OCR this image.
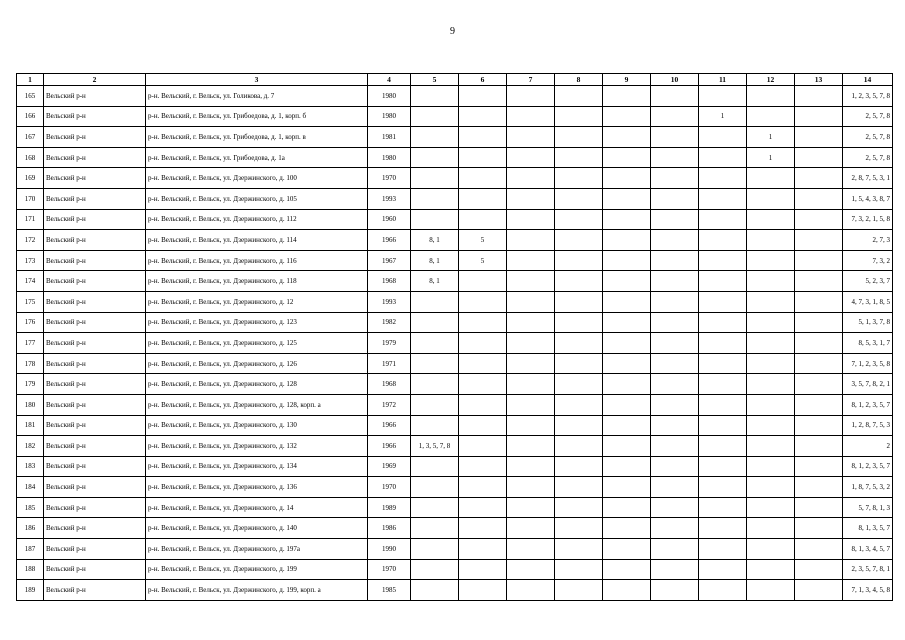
9
1	2	3	4	5	6	7	8	9	10	11	12	13	14
165	Вельский р-н	р-н. Вельский, г. Вельск, ул. Голикова, д. 7	1980										1, 2, 3, 5, 7, 8
166	Вельский р-н	р-н. Вельский, г. Вельск, ул. Грибоедова, д. 1, корп. б	1980							1			2, 5, 7, 8
167	Вельский р-н	р-н. Вельский, г. Вельск, ул. Грибоедова, д. 1, корп. в	1981								1		2, 5, 7, 8
168	Вельский р-н	р-н. Вельский, г. Вельск, ул. Грибоедова, д. 1а	1980								1		2, 5, 7, 8
169	Вельский р-н	р-н. Вельский, г. Вельск, ул. Дзержинского, д. 100	1970										2, 8, 7, 5, 3, 1
170	Вельский р-н	р-н. Вельский, г. Вельск, ул. Дзержинского, д. 105	1993										1, 5, 4, 3, 8, 7
171	Вельский р-н	р-н. Вельский, г. Вельск, ул. Дзержинского, д. 112	1960										7, 3, 2, 1, 5, 8
172	Вельский р-н	р-н. Вельский, г. Вельск, ул. Дзержинского, д. 114	1966	8, 1	5								2, 7, 3
173	Вельский р-н	р-н. Вельский, г. Вельск, ул. Дзержинского, д. 116	1967	8, 1	5								7, 3, 2
174	Вельский р-н	р-н. Вельский, г. Вельск, ул. Дзержинского, д. 118	1968	8, 1									5, 2, 3, 7
175	Вельский р-н	р-н. Вельский, г. Вельск, ул. Дзержинского, д. 12	1993										4, 7, 3, 1, 8, 5
176	Вельский р-н	р-н. Вельский, г. Вельск, ул. Дзержинского, д. 123	1982										5, 1, 3, 7, 8
177	Вельский р-н	р-н. Вельский, г. Вельск, ул. Дзержинского, д. 125	1979										8, 5, 3, 1, 7
178	Вельский р-н	р-н. Вельский, г. Вельск, ул. Дзержинского, д. 126	1971										7, 1, 2, 3, 5, 8
179	Вельский р-н	р-н. Вельский, г. Вельск, ул. Дзержинского, д. 128	1968										3, 5, 7, 8, 2, 1
180	Вельский р-н	р-н. Вельский, г. Вельск, ул. Дзержинского, д. 128, корп. а	1972										8, 1, 2, 3, 5, 7
181	Вельский р-н	р-н. Вельский, г. Вельск, ул. Дзержинского, д. 130	1966										1, 2, 8, 7, 5, 3
182	Вельский р-н	р-н. Вельский, г. Вельск, ул. Дзержинского, д. 132	1966	1, 3, 5, 7, 8									2
183	Вельский р-н	р-н. Вельский, г. Вельск, ул. Дзержинского, д. 134	1969										8, 1, 2, 3, 5, 7
184	Вельский р-н	р-н. Вельский, г. Вельск, ул. Дзержинского, д. 136	1970										1, 8, 7, 5, 3, 2
185	Вельский р-н	р-н. Вельский, г. Вельск, ул. Дзержинского, д. 14	1989										5, 7, 8, 1, 3
186	Вельский р-н	р-н. Вельский, г. Вельск, ул. Дзержинского, д. 140	1986										8, 1, 3, 5, 7
187	Вельский р-н	р-н. Вельский, г. Вельск, ул. Дзержинского, д. 197а	1990										8, 1, 3, 4, 5, 7
188	Вельский р-н	р-н. Вельский, г. Вельск, ул. Дзержинского, д. 199	1970										2, 3, 5, 7, 8, 1
189	Вельский р-н	р-н. Вельский, г. Вельск, ул. Дзержинского, д. 199, корп. а	1985										7, 1, 3, 4, 5, 8
